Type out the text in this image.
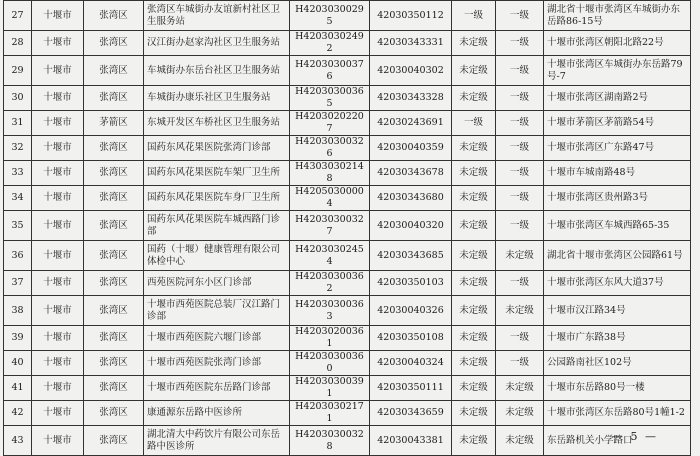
27	十堰市	张湾区	张湾区车城街办友谊新村社区卫生服务站	H42030300295	42030350112	一级	一级	湖北省十堰市张湾区车城街办东岳路86-15号
28	十堰市	张湾区	汉江街办赵家沟社区卫生服务站	H42030302492	42030343331	未定级	一级	十堰市张湾区朝阳北路22号
29	十堰市	张湾区	车城街办东岳台社区卫生服务站	H42030300376	42030040302	未定级	一级	十堰市张湾区车城街办东岳路79号-7
30	十堰市	张湾区	车城街办康乐社区卫生服务站	H42030300365	42030343328	未定级	一级	十堰市张湾区湖南路2号
31	十堰市	茅箭区	东城开发区车桥社区卫生服务站	H42030202207	42030243691	一级	一级	十堰市茅箭区茅箭路54号
32	十堰市	张湾区	国药东风花果医院张湾门诊部	H42030300326	42030040359	未定级	一级	十堰市张湾区广东路47号
33	十堰市	张湾区	国药东风花果医院车架厂卫生所	H43030302148	42030343678	未定级	一级	十堰市车城南路48号
34	十堰市	张湾区	国药东风花果医院车身厂卫生所	H42050300004	42030343680	未定级	一级	十堰市张湾区贵州路3号
35	十堰市	张湾区	国药东风花果医院车城西路门诊部	H42030300327	42030040320	未定级	一级	十堰市张湾区车城西路65-35
36	十堰市	张湾区	国药（十堰）健康管理有限公司体检中心	H42030302454	42030343685	未定级	未定级	湖北省十堰市张湾区公园路61号
37	十堰市	张湾区	西苑医院河东小区门诊部	H42030300362	42030350103	未定级	一级	十堰市张湾区东风大道37号
38	十堰市	张湾区	十堰市西苑医院总装厂汉江路门诊部	H42030300363	42030040326	未定级	未定级	十堰市汉江路34号
39	十堰市	张湾区	十堰市西苑医院六堰门诊部	H42030200361	42030350108	未定级	一级	十堰市广东路38号
40	十堰市	张湾区	十堰市西苑医院张湾门诊部	H42030300360	42030040324	未定级	一级	公园路南社区102号
41	十堰市	张湾区	十堰市西苑医院东岳路门诊部	H42030300391	42030350111	未定级	未定级	十堰市东岳路80号一楼
42	十堰市	张湾区	康通源东岳路中医诊所	H42030302171	42030343659	未定级	未定级	十堰市张湾区东岳路80号1幢1-2
43	十堰市	张湾区	湖北清大中药饮片有限公司东岳路中医诊所	H42030300328	42030043381	未定级	未定级	东岳路机关小学路口
— 5 —
